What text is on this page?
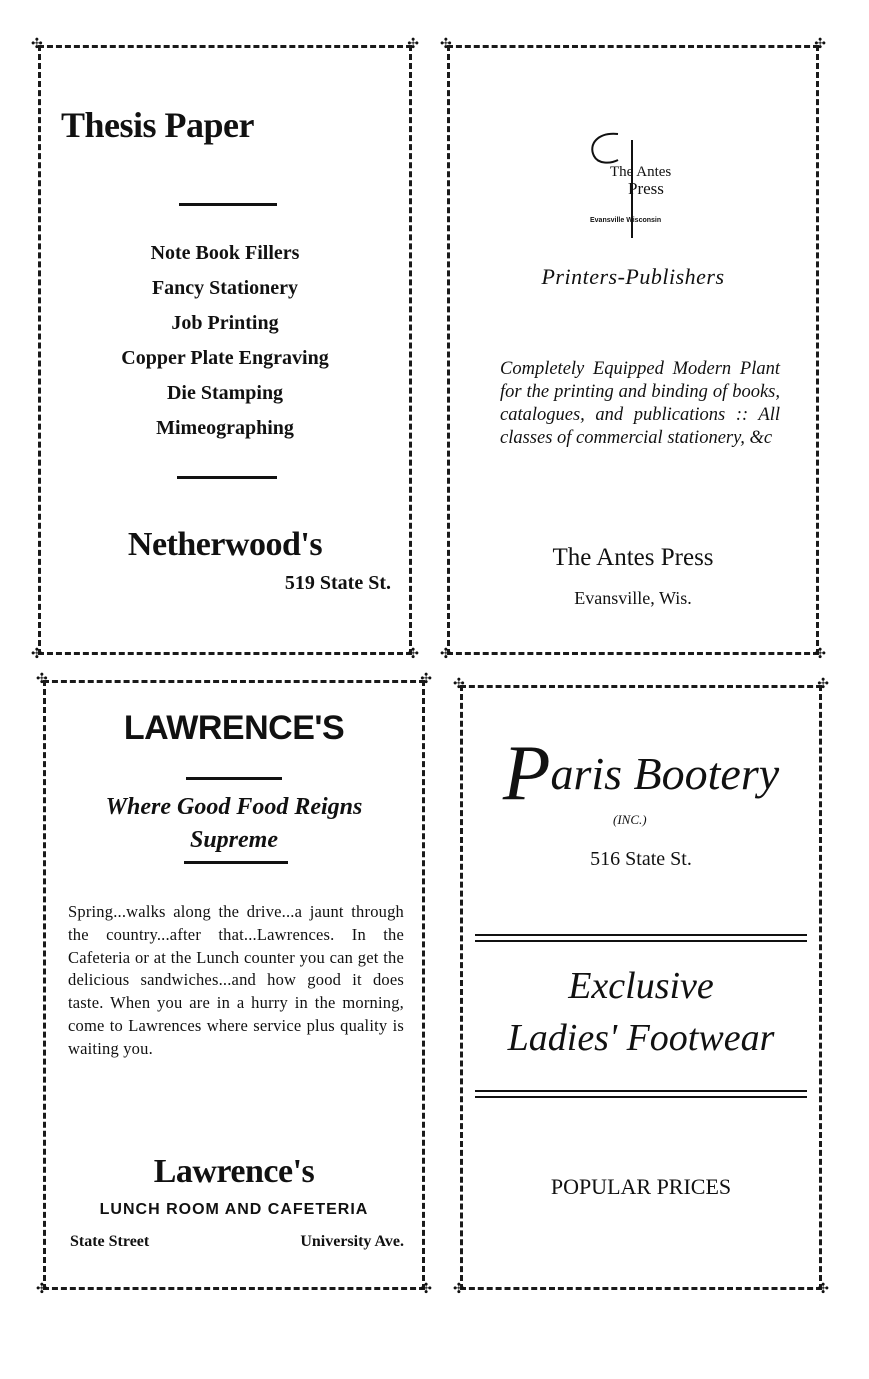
✣ ✣
✣
Thesis Paper
Note Book Fillers
Fancy Stationery
Job Printing
Copper Plate Engraving
Die Stamping
Mimeographing
Netherwood's
519 State St.
✣
✣ ✣
✣
The Antes
Press
Evansville Wisconsin
Printers-Publishers

Completely Equipped Modern Plant for the printing and binding of books, catalogues, and publications :: All classes of commercial stationery, &c

The Antes Press
Evansville, Wis.
✣
✣ ✣
✣
LAWRENCE'S
Where Good Food Reigns
Supreme

Spring...walks along the drive...a jaunt through the country...after that...Lawrences. In the Cafeteria or at the Lunch counter you can get the delicious sandwiches...and how good it does taste. When you are in a hurry in the morning, come to Lawrences where service plus quality is waiting you.

Lawrence's
LUNCH ROOM AND CAFETERIA
State Street	University Ave.
✣
✣ ✣
✣
Paris Bootery
(INC.)
516 State St.
Exclusive
Ladies' Footwear
POPULAR PRICES
✣
